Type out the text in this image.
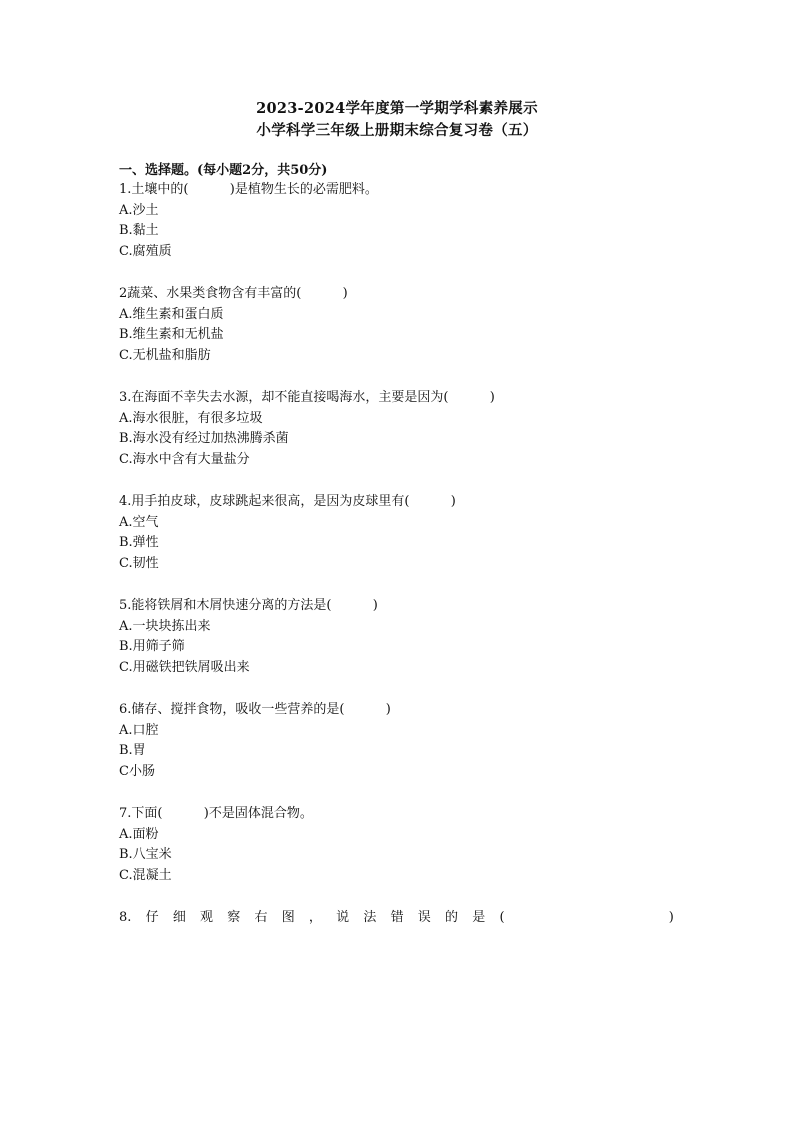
2023-2024学年度第一学期学科素养展示
小学科学三年级上册期末综合复习卷（五）
一、选择题。(每小题2分，共50分)
1.土壤中的(          )是植物生长的必需肥料。
A.沙土
B.黏土
C.腐殖质
2蔬菜、水果类食物含有丰富的(          )
A.维生素和蛋白质
B.维生素和无机盐
C.无机盐和脂肪
3.在海面不幸失去水源，却不能直接喝海水，主要是因为(          )
A.海水很脏，有很多垃圾
B.海水没有经过加热沸腾杀菌
C.海水中含有大量盐分
4.用手拍皮球，皮球跳起来很高，是因为皮球里有(          )
A.空气
B.弹性
C.韧性
5.能将铁屑和木屑快速分离的方法是(          )
A.一块块拣出来
B.用筛子筛
C.用磁铁把铁屑吸出来
6.储存、搅拌食物，吸收一些营养的是(          )
A.口腔
B.胃
C小肠
7.下面(          )不是固体混合物。
A.面粉
B.八宝米
C.混凝土
8. 仔 细 观 察 右 图 ， 说 法 错 误 的 是 (	)
